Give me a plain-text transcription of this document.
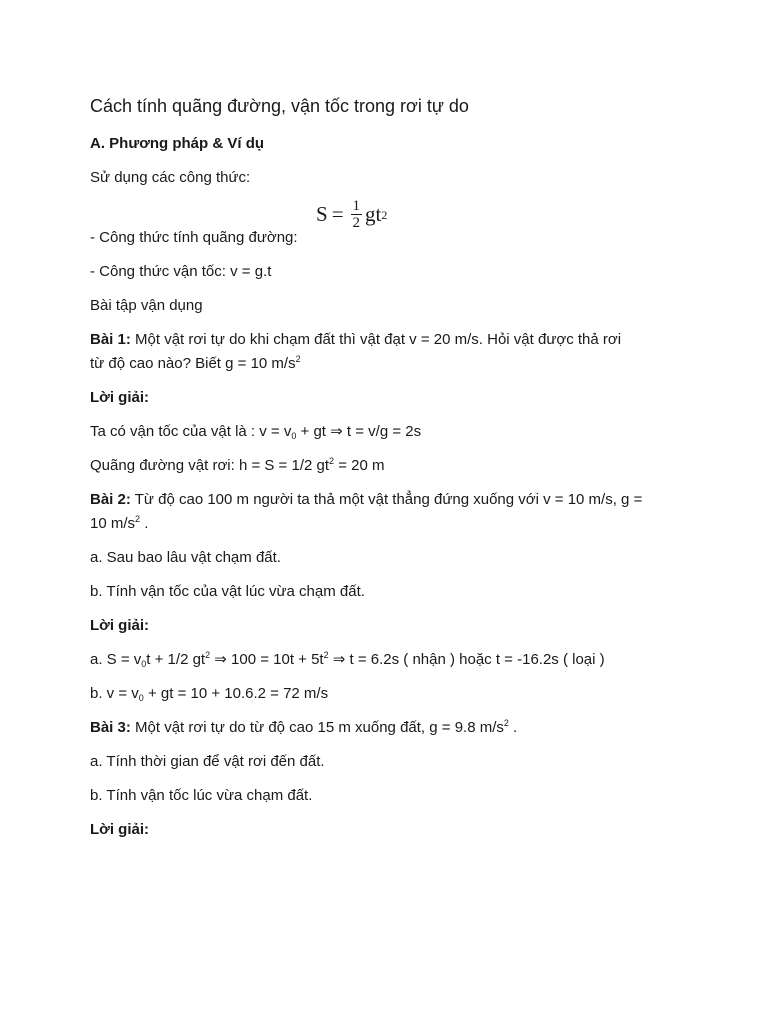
Cách tính quãng đường, vận tốc trong rơi tự do
A. Phương pháp & Ví dụ
Sử dụng các công thức:
$S = \frac{1}{2}$ gt 2
- Công thức tính quãng đường:
- Công thức vận tốc: v = g.t
Bài tập vận dụng
Bài 1: Một vật rơi tự do khi chạm đất thì vật đạt v = 20 m/s. Hỏi vật được thả rơi
từ độ cao nào? Biết g = 10 $m/s^2$
Lời giải:
Ta có vận tốc của vật là : $v = v_0$ + gt ⇒ t = v/g = 2s
Quãng đường vật rơi: h = S = 1/2 $gt^2 = 20$ m
Bài 2: Từ độ cao 100 m người ta thả một vật thẳng đứng xuống với v = 10 m/s, g =
10 $m/s^2$ .
a. Sau bao lâu vật chạm đất.
b. Tính vận tốc của vật lúc vừa chạm đất.
Lời giải:
a. $S = v_0t + 1/2$ $gt^2$ ⇒ $100 = 10t + 5t^2$ ⇒ t = 6.2s ( nhận ) hoặc t = -16.2s ( loại )
b. $v = v_0$ + gt = 10 + 10.6.2 = 72 m/s
Bài 3: Một vật rơi tự do từ độ cao 15 m xuống đất, g = 9.8 $m/s^2$ .
a. Tính thời gian để vật rơi đến đất.
b. Tính vận tốc lúc vừa chạm đất.
Lời giải:
